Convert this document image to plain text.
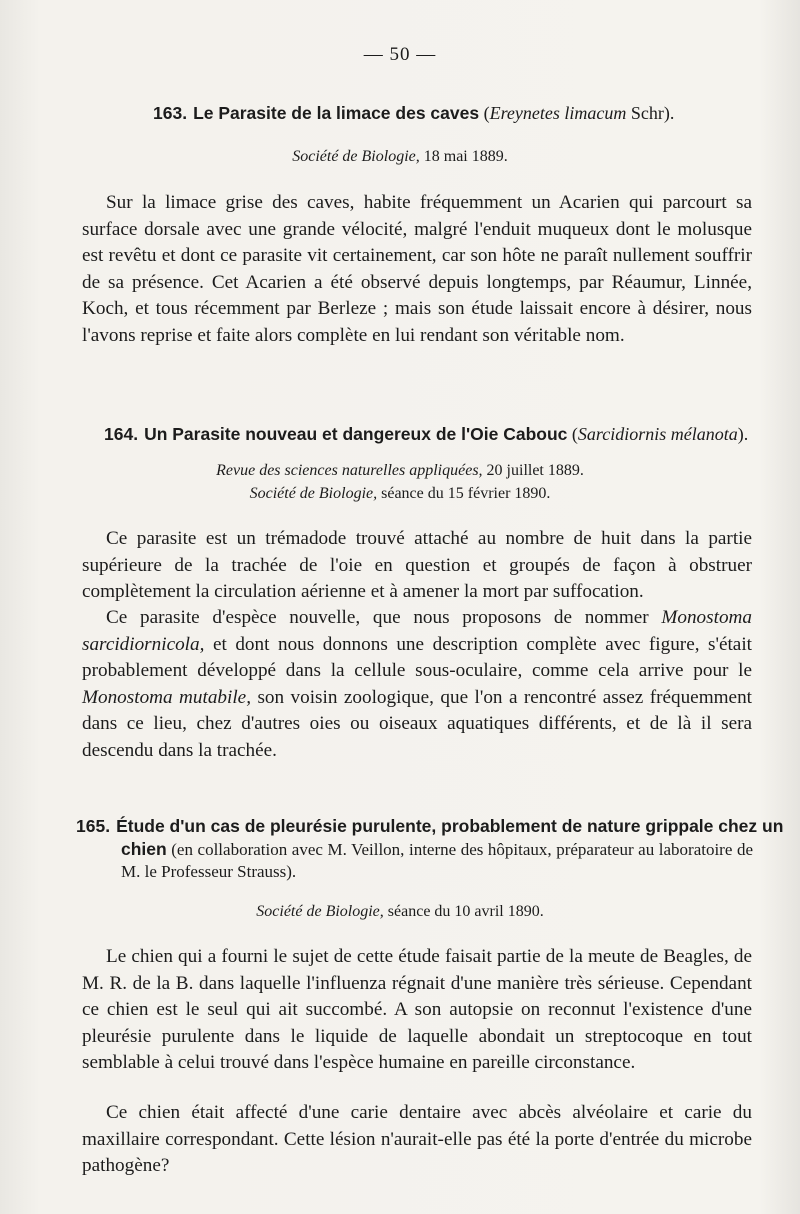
— 50 —
163. Le Parasite de la limace des caves (Ereynetes limacum Schr).
Société de Biologie, 18 mai 1889.
Sur la limace grise des caves, habite fréquemment un Acarien qui parcourt sa surface dorsale avec une grande vélocité, malgré l'enduit muqueux dont le molusque est revêtu et dont ce parasite vit certainement, car son hôte ne paraît nullement souffrir de sa présence. Cet Acarien a été observé depuis longtemps, par Réaumur, Linnée, Koch, et tous récemment par Berleze ; mais son étude laissait encore à désirer, nous l'avons reprise et faite alors complète en lui rendant son véritable nom.
164. Un Parasite nouveau et dangereux de l'Oie Cabouc (Sarcidiornis mélanota).
Revue des sciences naturelles appliquées, 20 juillet 1889.
Société de Biologie, séance du 15 février 1890.
Ce parasite est un trémadode trouvé attaché au nombre de huit dans la partie supérieure de la trachée de l'oie en question et groupés de façon à obstruer complètement la circulation aérienne et à amener la mort par suffocation.
Ce parasite d'espèce nouvelle, que nous proposons de nommer Monostoma sarcidiornicola, et dont nous donnons une description complète avec figure, s'était probablement développé dans la cellule sous-oculaire, comme cela arrive pour le Monostoma mutabile, son voisin zoologique, que l'on a rencontré assez fréquemment dans ce lieu, chez d'autres oies ou oiseaux aquatiques différents, et de là il sera descendu dans la trachée.
165. Étude d'un cas de pleurésie purulente, probablement de nature grippale chez un
chien (en collaboration avec M. Veillon, interne des hôpitaux, préparateur au laboratoire de M. le Professeur Strauss).
Société de Biologie, séance du 10 avril 1890.
Le chien qui a fourni le sujet de cette étude faisait partie de la meute de Beagles, de M. R. de la B. dans laquelle l'influenza régnait d'une manière très sérieuse. Cependant ce chien est le seul qui ait succombé. A son autopsie on reconnut l'existence d'une pleurésie purulente dans le liquide de laquelle abondait un streptocoque en tout semblable à celui trouvé dans l'espèce humaine en pareille circonstance.
Ce chien était affecté d'une carie dentaire avec abcès alvéolaire et carie du maxillaire correspondant. Cette lésion n'aurait-elle pas été la porte d'entrée du microbe pathogène?
